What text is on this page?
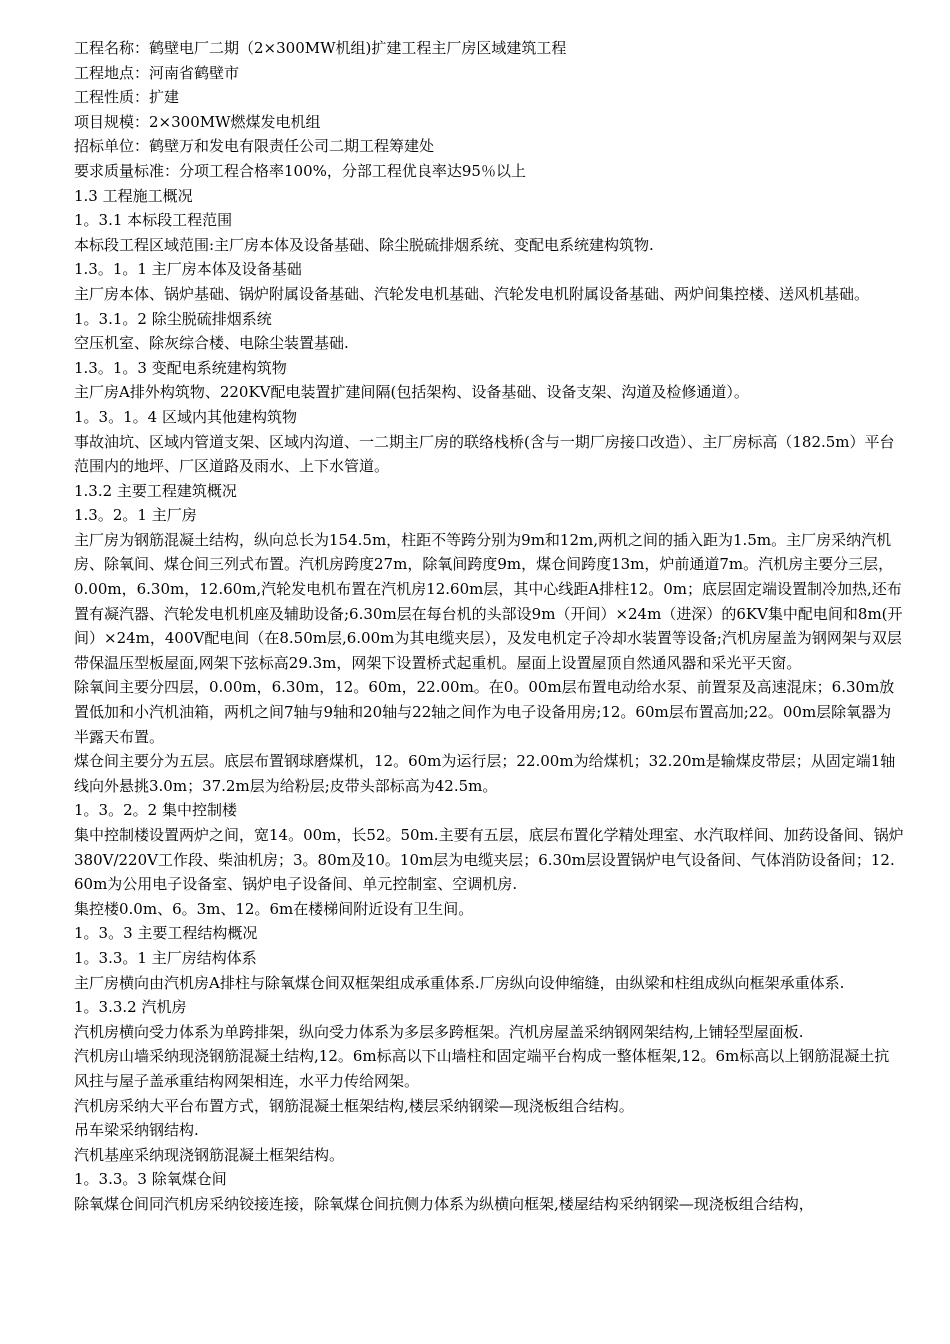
工程名称：鹤壁电厂二期（2×300MW机组)扩建工程主厂房区域建筑工程

工程地点：河南省鹤壁市

工程性质：扩建

项目规模：2×300MW燃煤发电机组

招标单位：鹤壁万和发电有限责任公司二期工程筹建处

要求质量标准：分项工程合格率100%，分部工程优良率达95％以上

1.3 工程施工概况

1。3.1 本标段工程范围

本标段工程区域范围:主厂房本体及设备基础、除尘脱硫排烟系统、变配电系统建构筑物.

1.3。1。1 主厂房本体及设备基础

主厂房本体、锅炉基础、锅炉附属设备基础、汽轮发电机基础、汽轮发电机附属设备基础、两炉间集控楼、送风机基础。

1。3.1。2 除尘脱硫排烟系统

空压机室、除灰综合楼、电除尘装置基础.

1.3。1。3 变配电系统建构筑物

主厂房A排外构筑物、220KV配电装置扩建间隔(包括架构、设备基础、设备支架、沟道及检修通道）。

1。3。1。4 区域内其他建构筑物

事故油坑、区域内管道支架、区域内沟道、一二期主厂房的联络栈桥(含与一期厂房接口改造）、主厂房标高（182.5m）平台范围内的地坪、厂区道路及雨水、上下水管道。

1.3.2 主要工程建筑概况

1.3。2。1 主厂房

主厂房为钢筋混凝土结构，纵向总长为154.5m，柱距不等跨分别为9m和12m,两机之间的插入距为1.5m。主厂房采纳汽机房、除氧间、煤仓间三列式布置。汽机房跨度27m，除氧间跨度9m，煤仓间跨度13m，炉前通道7m。汽机房主要分三层，0.00m，6.30m，12.60m,汽轮发电机布置在汽机房12.60m层，其中心线距A排柱12。0m；底层固定端设置制冷加热,还布置有凝汽器、汽轮发电机机座及辅助设备;6.30m层在每台机的头部设9m（开间）×24m（进深）的6KV集中配电间和8m(开间）×24m，400V配电间（在8.50m层,6.00m为其电缆夹层），及发电机定子冷却水装置等设备;汽机房屋盖为钢网架与双层带保温压型板屋面,网架下弦标高29.3m，网架下设置桥式起重机。屋面上设置屋顶自然通风器和采光平天窗。

除氧间主要分四层，0.00m，6.30m，12。60m，22.00m。在0。00m层布置电动给水泵、前置泵及高速混床；6.30m放置低加和小汽机油箱，两机之间7轴与9轴和20轴与22轴之间作为电子设备用房;12。60m层布置高加;22。00m层除氧器为半露天布置。

煤仓间主要分为五层。底层布置钢球磨煤机，12。60m为运行层；22.00m为给煤机；32.20m是输煤皮带层；从固定端1轴线向外悬挑3.0m；37.2m层为给粉层;皮带头部标高为42.5m。

1。3。2。2 集中控制楼

集中控制楼设置两炉之间，宽14。00m，长52。50m.主要有五层，底层布置化学精处理室、水汽取样间、加药设备间、锅炉380V/220V工作段、柴油机房；3。80m及10。10m层为电缆夹层；6.30m层设置锅炉电气设备间、气体消防设备间；12.60m为公用电子设备室、锅炉电子设备间、单元控制室、空调机房.

集控楼0.0m、6。3m、12。6m在楼梯间附近设有卫生间。

1。3。3 主要工程结构概况

1。3.3。1 主厂房结构体系

主厂房横向由汽机房A排柱与除氧煤仓间双框架组成承重体系.厂房纵向设伸缩缝，由纵梁和柱组成纵向框架承重体系.

1。3.3.2 汽机房

汽机房横向受力体系为单跨排架，纵向受力体系为多层多跨框架。汽机房屋盖采纳钢网架结构,上铺轻型屋面板.

汽机房山墙采纳现浇钢筋混凝土结构,12。6m标高以下山墙柱和固定端平台构成一整体框架,12。6m标高以上钢筋混凝土抗风拄与屋子盖承重结构网架相连，水平力传给网架。

汽机房采纳大平台布置方式，钢筋混凝土框架结构,楼层采纳钢梁—现浇板组合结构。

吊车梁采纳钢结构.

汽机基座采纳现浇钢筋混凝土框架结构。

1。3.3。3 除氧煤仓间

除氧煤仓间同汽机房采纳铰接连接，除氧煤仓间抗侧力体系为纵横向框架,楼屋结构采纳钢梁—现浇板组合结构，
